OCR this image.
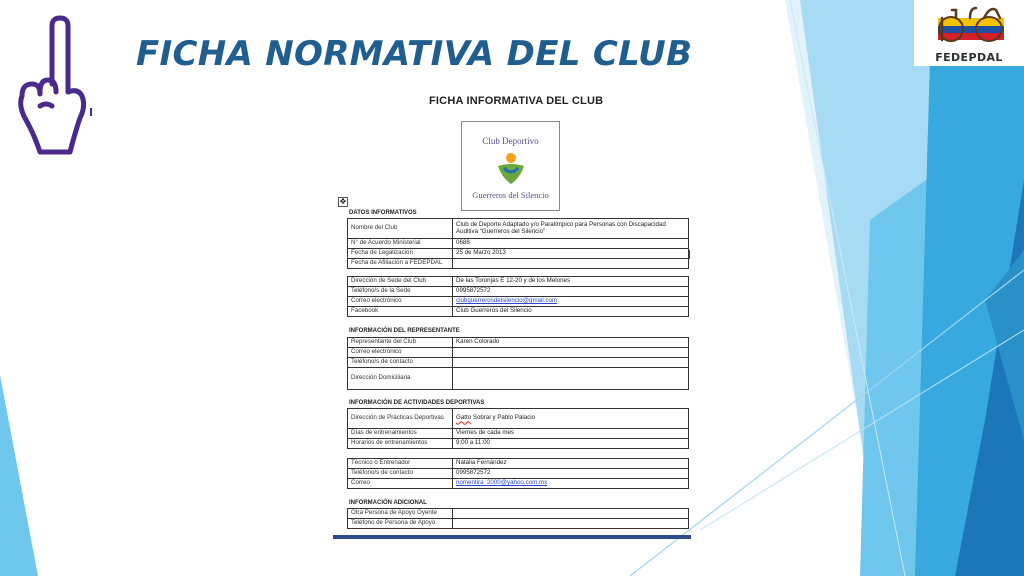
FICHA NORMATIVA DEL CLUB	FEDEPDAL
FICHA INFORMATIVA DEL CLUB
Club Deportivo
Guerreros del Silencio
✥
DATOS INFORMATIVOS
Nombre del Club	Club de Deporte Adaptado y/o Paralímpico para Personas con Discapacidad Auditiva “Guerreros del Silencio”
N° de Acuerdo Ministerial	0688
Fecha de Legalización	25 de Marzo 2013
Fecha de Afiliación a FEDEPDAL	
Dirección de Sede del Club	De las Toronjas E 12-20 y de los Melones
Teléfono/s de la Sede	0995872572
Correo electrónico	clubguerrerosdelsilencio@gmail.com
Facebook	Club Guerreros del Silencio
INFORMACIÓN DEL REPRESENTANTE
Representante del Club	Karen Colorado
Correo electrónico	
Teléfono/s de contacto	
Dirección Domiciliaria	
INFORMACIÓN DE ACTIVIDADES DEPORTIVAS
Dirección de Prácticas Deportivas	Gatto Sobral y Pablo Palacio
Días de entrenamientos	Viernes de cada mes
Horarios de entrenamientos	9:00 a 11:00
Técnico o Entrenador	Natalia Fernández
Teléfono/s de contacto	0995872572
Correo	nomentira_2000@yahoo.com.mx
INFORMACIÓN ADICIONAL
Otra Persona de Apoyo Oyente	
Teléfono de Persona de Apoyo	
